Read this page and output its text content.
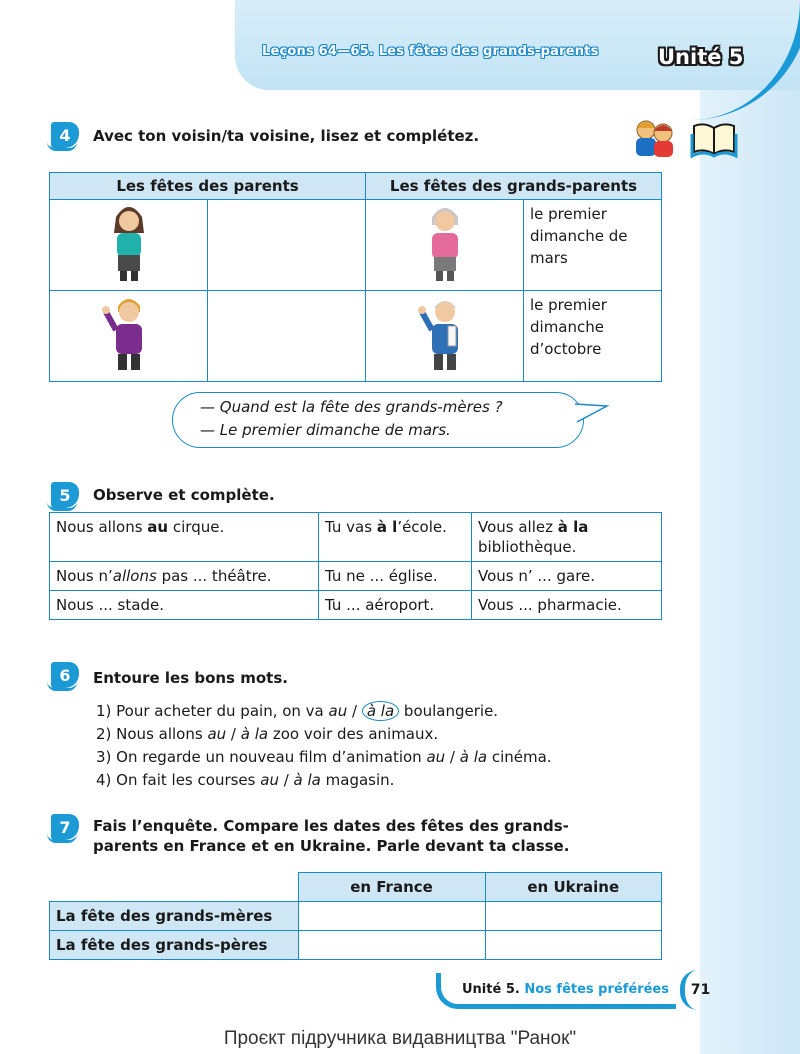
Leçons 64—65. Les fêtes des grands-parents	Unité 5
4	Avec ton voisin/ta voisine, lisez et complétez.
Les fêtes des parents		Les fêtes des grands-parents	

	le premier dimanche de mars

	le premier dimanche d’octobre
— Quand est la fête des grands-mères ?
— Le premier dimanche de mars.
5	Observe et complète.
Nous allons au cirque.	Tu vas à l’école.	Vous allez à la bibliothèque.
Nous n’allons pas ... théâtre.	Tu ne ... église.	Vous n’ ... gare.
Nous ... stade.	Tu ... aéroport.	Vous ... pharmacie.
6	Entoure les bons mots.
1) Pour acheter du pain, on va au / à la boulangerie.
2) Nous allons au / à la zoo voir des animaux.
3) On regarde un nouveau film d’animation au / à la cinéma.
4) On fait les courses au / à la magasin.
7	Fais l’enquête. Compare les dates des fêtes des grands-
parents en France et en Ukraine. Parle devant ta classe.
	en France	en Ukraine
La fête des grands-mères		
La fête des grands-pères		
Unité 5. Nos fêtes préférées	71
Проєкт підручника видавництва "Ранок"
